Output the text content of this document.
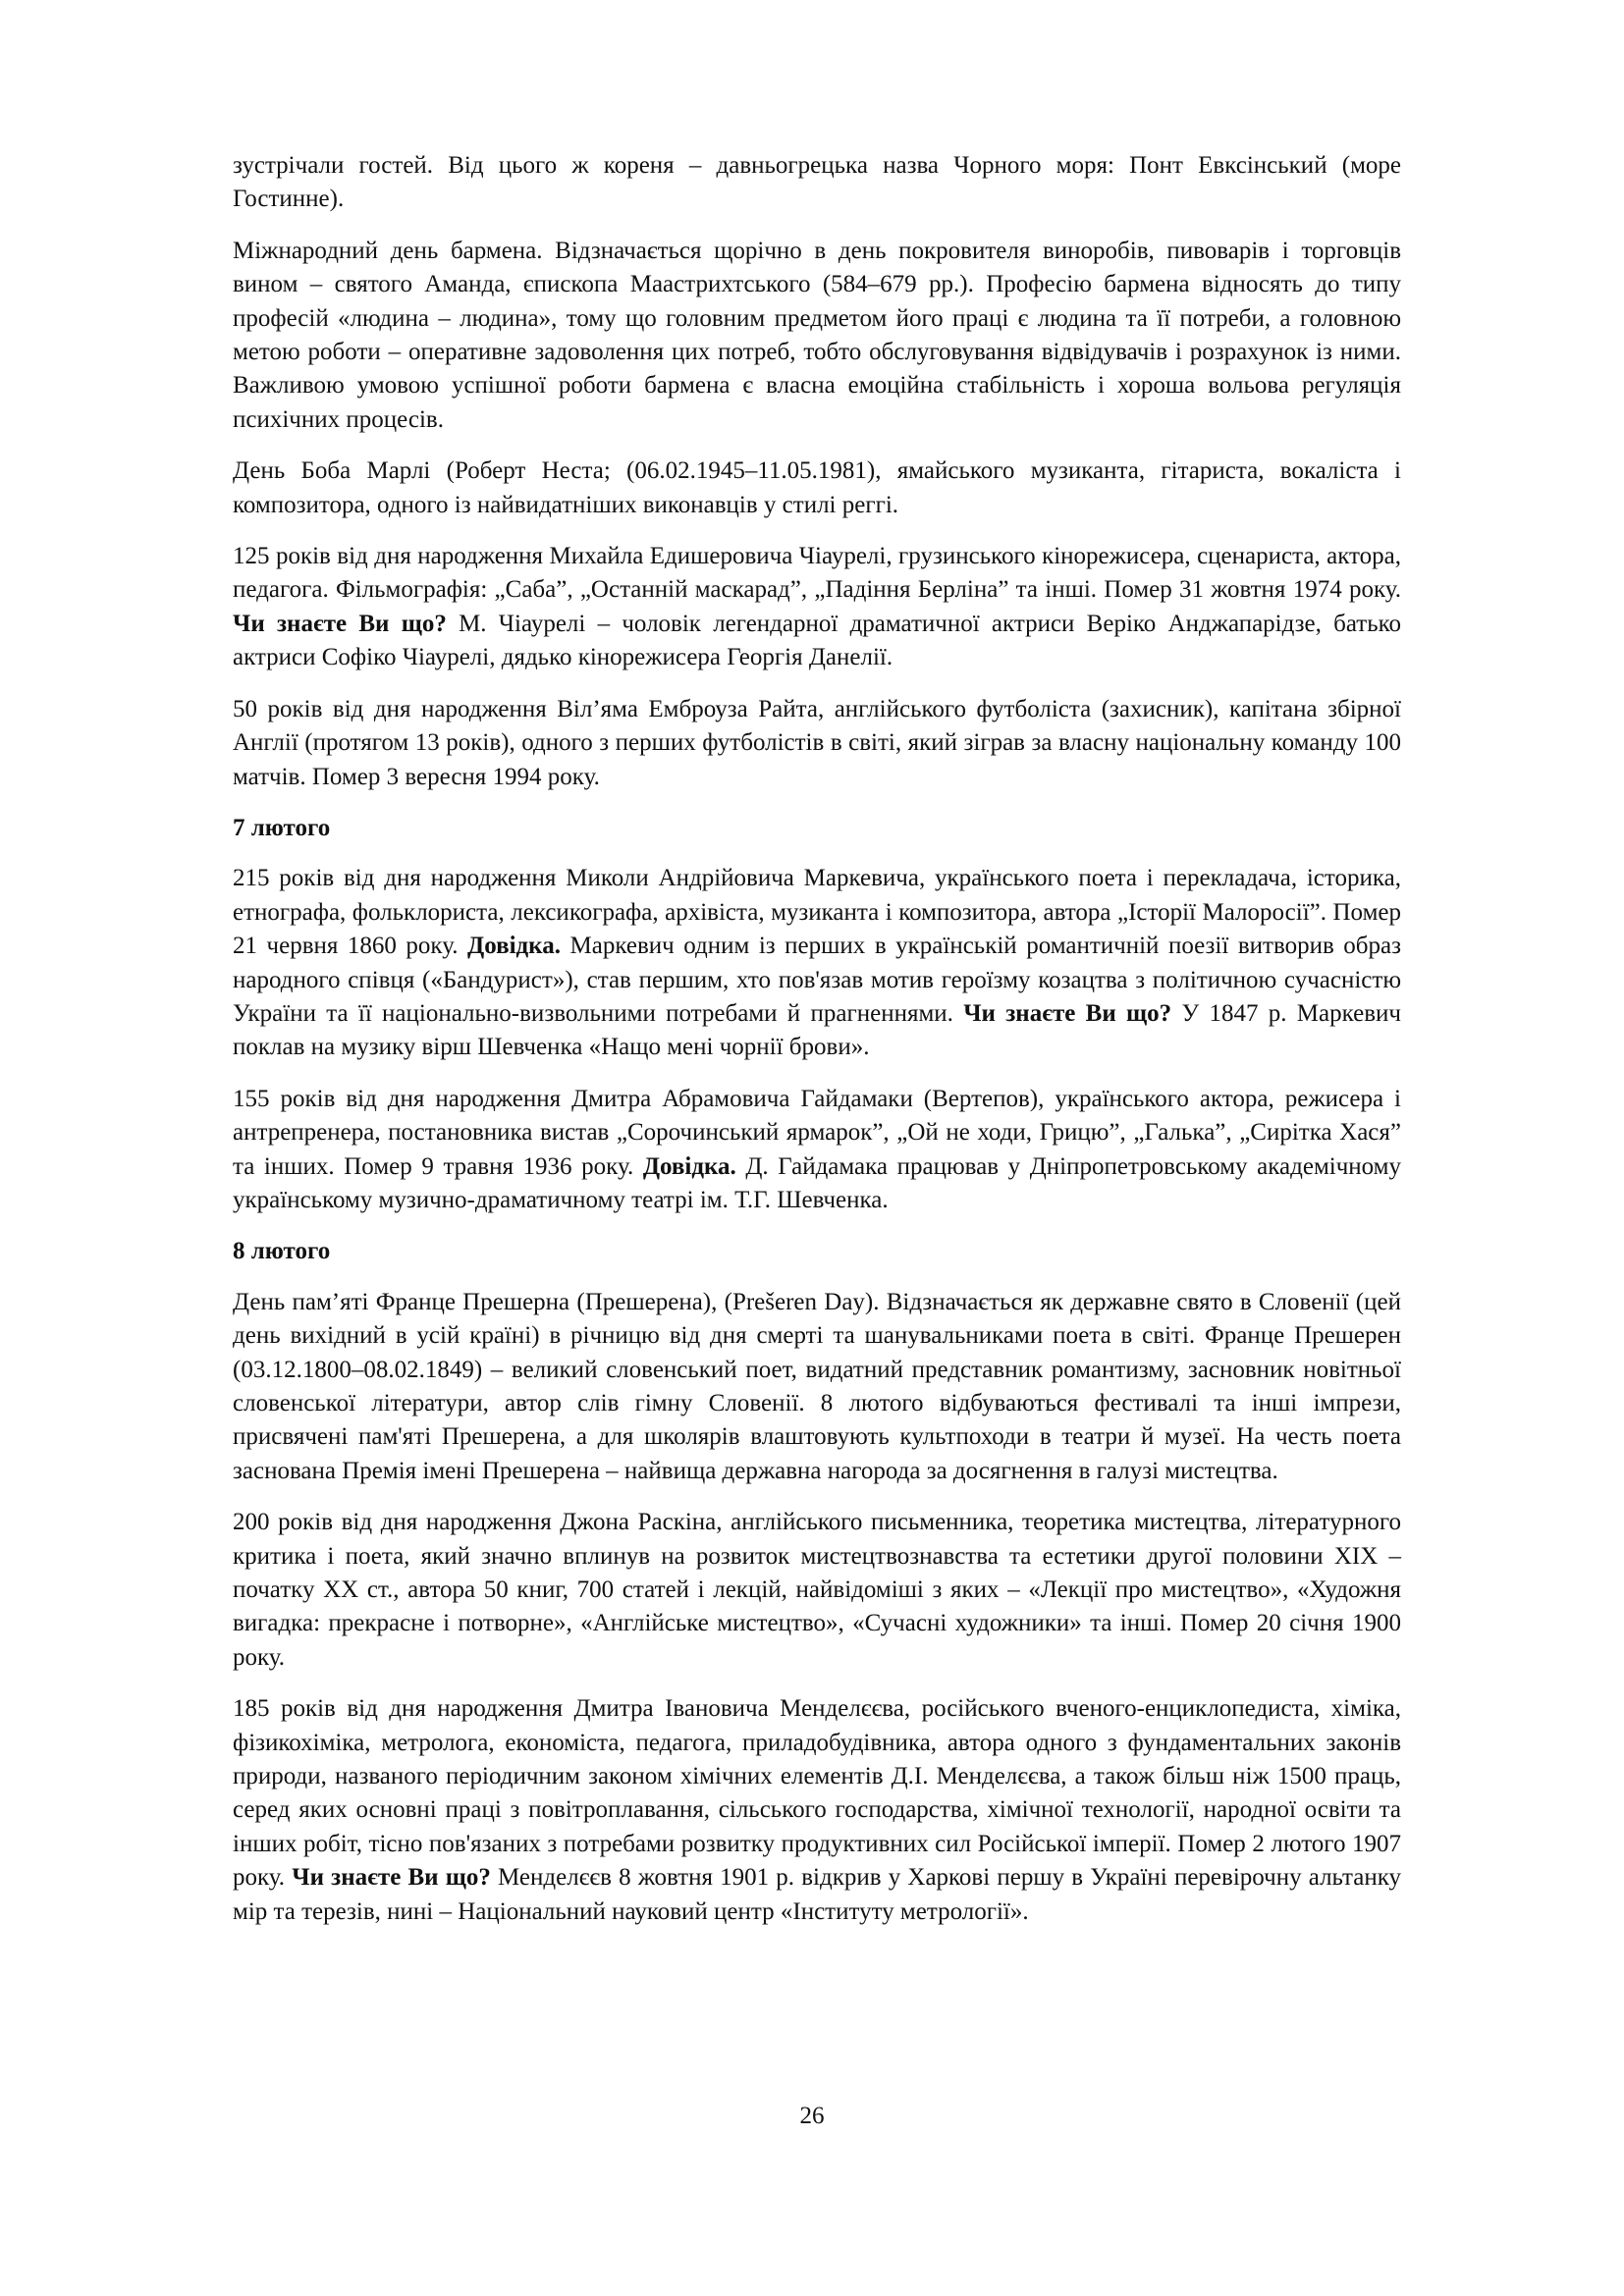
зустрічали гостей. Від цього ж кореня – давньогрецька назва Чорного моря: Понт Евксінський (море Гостинне).

Міжнародний день бармена. Відзначається щорічно в день покровителя виноробів, пивоварів і торговців вином – святого Аманда, єпископа Маастрихтського (584–679 рр.). Професію бармена відносять до типу професій «людина – людина», тому що головним предметом його праці є людина та її потреби, а головною метою роботи – оперативне задоволення цих потреб, тобто обслуговування відвідувачів і розрахунок із ними. Важливою умовою успішної роботи бармена є власна емоційна стабільність і хороша вольова регуляція психічних процесів.

День Боба Марлі (Роберт Неста; (06.02.1945–11.05.1981), ямайського музиканта, гітариста, вокаліста і композитора, одного із найвидатніших виконавців у стилі реггі.

125 років від дня народження Михайла Едишеровича Чіаурелі, грузинського кінорежисера, сценариста, актора, педагога. Фільмографія: „Саба”, „Останній маскарад”, „Падіння Берліна” та інші. Помер 31 жовтня 1974 року. Чи знаєте Ви що? М. Чіаурелі – чоловік легендарної драматичної актриси Веріко Анджапарідзе, батько актриси Софіко Чіаурелі, дядько кінорежисера Георгія Данелії.

50 років від дня народження Віл’яма Емброуза Райта, англійського футболіста (захисник), капітана збірної Англії (протягом 13 років), одного з перших футболістів в світі, який зіграв за власну національну команду 100 матчів. Помер 3 вересня 1994 року.

7 лютого

215 років від дня народження Миколи Андрійовича Маркевича, українського поета і перекладача, історика, етнографа, фольклориста, лексикографа, архівіста, музиканта і композитора, автора „Історії Малоросії”. Помер 21 червня 1860 року. Довідка. Маркевич одним із перших в українській романтичній поезії витворив образ народного співця («Бандурист»), став першим, хто пов'язав мотив героїзму козацтва з політичною сучасністю України та її національно-визвольними потребами й прагненнями. Чи знаєте Ви що? У 1847 р. Маркевич поклав на музику вірш Шевченка «Нащо мені чорнії брови».

155 років від дня народження Дмитра Абрамовича Гайдамаки (Вертепов), українського актора, режисера і антрепренера, постановника вистав „Сорочинський ярмарок”, „Ой не ходи, Грицю”, „Галька”, „Сирітка Хася” та інших. Помер 9 травня 1936 року. Довідка. Д. Гайдамака працював у Дніпропетровському академічному українському музично-драматичному театрі ім. Т.Г. Шевченка.

8 лютого

День пам’яті Франце Прешерна (Прешерена), (Prešeren Day). Відзначається як державне свято в Словенії (цей день вихідний в усій країні) в річницю від дня смерті та шанувальниками поета в світі. Франце Прешерен (03.12.1800–08.02.1849) – великий словенський поет, видатний представник романтизму, засновник новітньої словенської літератури, автор слів гімну Словенії. 8 лютого відбуваються фестивалі та інші імпрези, присвячені пам'яті Прешерена, а для школярів влаштовують культпоходи в театри й музеї. На честь поета заснована Премія імені Прешерена – найвища державна нагорода за досягнення в галузі мистецтва.

200 років від дня народження Джона Раскіна, англійського письменника, теоретика мистецтва, літературного критика і поета, який значно вплинув на розвиток мистецтвознавства та естетики другої половини XIX – початку XX ст., автора 50 книг, 700 статей і лекцій, найвідоміші з яких – «Лекції про мистецтво», «Художня вигадка: прекрасне і потворне», «Англійське мистецтво», «Сучасні художники» та інші. Помер 20 січня 1900 року.

185 років від дня народження Дмитра Івановича Менделєєва, російського вченого-енциклопедиста, хіміка, фізикохіміка, метролога, економіста, педагога, приладобудівника, автора одного з фундаментальних законів природи, названого періодичним законом хімічних елементів Д.І. Менделєєва, а також більш ніж 1500 праць, серед яких основні праці з повітроплавання, сільського господарства, хімічної технології, народної освіти та інших робіт, тісно пов'язаних з потребами розвитку продуктивних сил Російської імперії. Помер 2 лютого 1907 року. Чи знаєте Ви що? Менделєєв 8 жовтня 1901 р. відкрив у Харкові першу в Україні перевірочну альтанку мір та терезів, нині – Національний науковий центр «Інституту метрології».

26
